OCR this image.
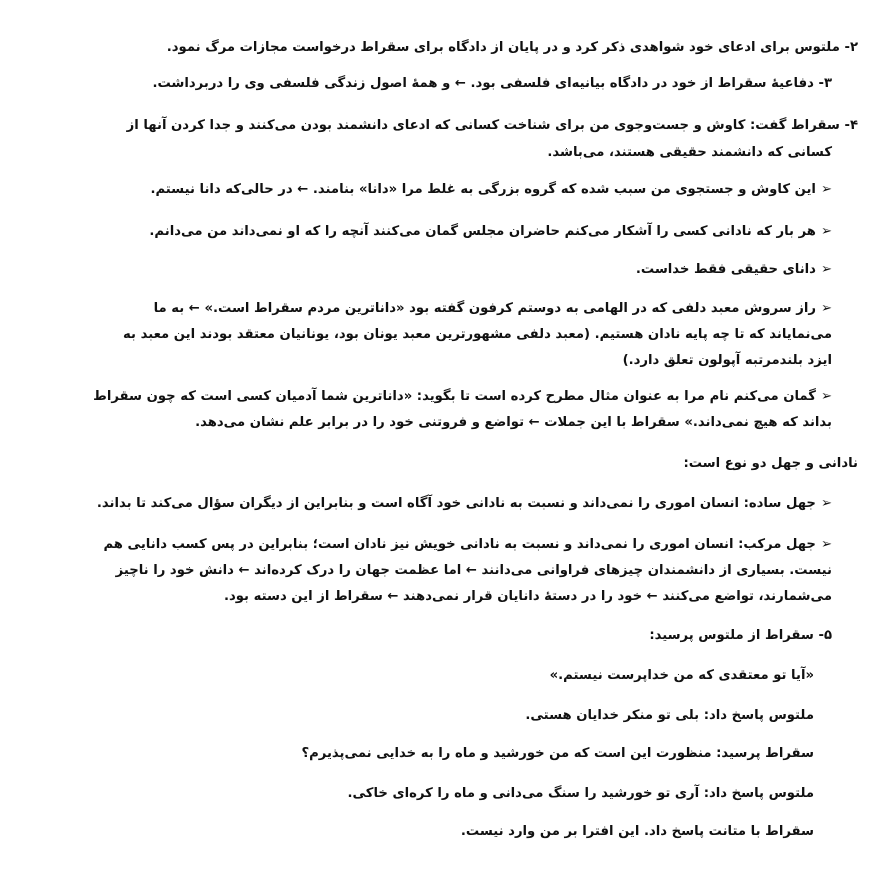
۲- ملتوس برای ادعای خود شواهدی ذکر کرد و در پایان از دادگاه برای سقراط درخواست مجازات مرگ نمود.
۳- دفاعیهٔ سقراط از خود در دادگاه بیانیه‌ای فلسفی بود. ← و همهٔ اصول زندگی فلسفی وی را دربرداشت.
۴- سقراط گفت: کاوش و جست‌وجوی من برای شناخت کسانی که ادعای دانشمند بودن می‌کنند و جدا کردن آنها از
کسانی که دانشمند حقیقی هستند، می‌باشد.
➢این کاوش و جستجوی من سبب شده که گروه بزرگی به غلط مرا «دانا» بنامند. ← در حالی‌که دانا نیستم.
➢هر بار که نادانی کسی را آشکار می‌کنم حاضران مجلس گمان می‌کنند آنچه را که او نمی‌داند من می‌دانم.
➢دانای حقیقی فقط خداست.
➢راز سروش معبد دلفی که در الهامی به دوستم کرفون گفته بود «داناترین مردم سقراط است.» ← به ما
می‌نمایاند که تا چه پایه نادان هستیم. (معبد دلفی مشهورترین معبد یونان بود، یونانیان معتقد بودند این معبد به
ایزد بلندمرتبه آپولون تعلق دارد.)
➢گمان می‌کنم نام مرا به عنوان مثال مطرح کرده است تا بگوید: «داناترین شما آدمیان کسی است که چون سقراط
بداند که هیچ نمی‌داند.» سقراط با این جملات ← تواضع و فروتنی خود را در برابر علم نشان می‌دهد.
نادانی و جهل دو نوع است:
➢جهل ساده: انسان اموری را نمی‌داند و نسبت به نادانی خود آگاه است و بنابراین از دیگران سؤال می‌کند تا بداند.
➢جهل مرکب: انسان اموری را نمی‌داند و نسبت به نادانی خویش نیز نادان است؛ بنابراین در پس کسب دانایی هم
نیست. بسیاری از دانشمندان چیزهای فراوانی می‌دانند ← اما عظمت جهان را درک کرده‌اند ← دانش خود را ناچیز
می‌شمارند، تواضع می‌کنند ← خود را در دستهٔ دانایان قرار نمی‌دهند ← سقراط از این دسته بود.
۵- سقراط از ملتوس پرسید:
«آیا تو معتقدی که من خداپرست نیستم.»
ملتوس پاسخ داد: بلی تو منکر خدایان هستی.
سقراط پرسید: منظورت این است که من خورشید و ماه را به خدایی نمی‌پذیرم؟
ملتوس پاسخ داد: آری تو خورشید را سنگ می‌دانی و ماه را کره‌ای خاکی.
سقراط با متانت پاسخ داد. این افترا بر من وارد نیست.
